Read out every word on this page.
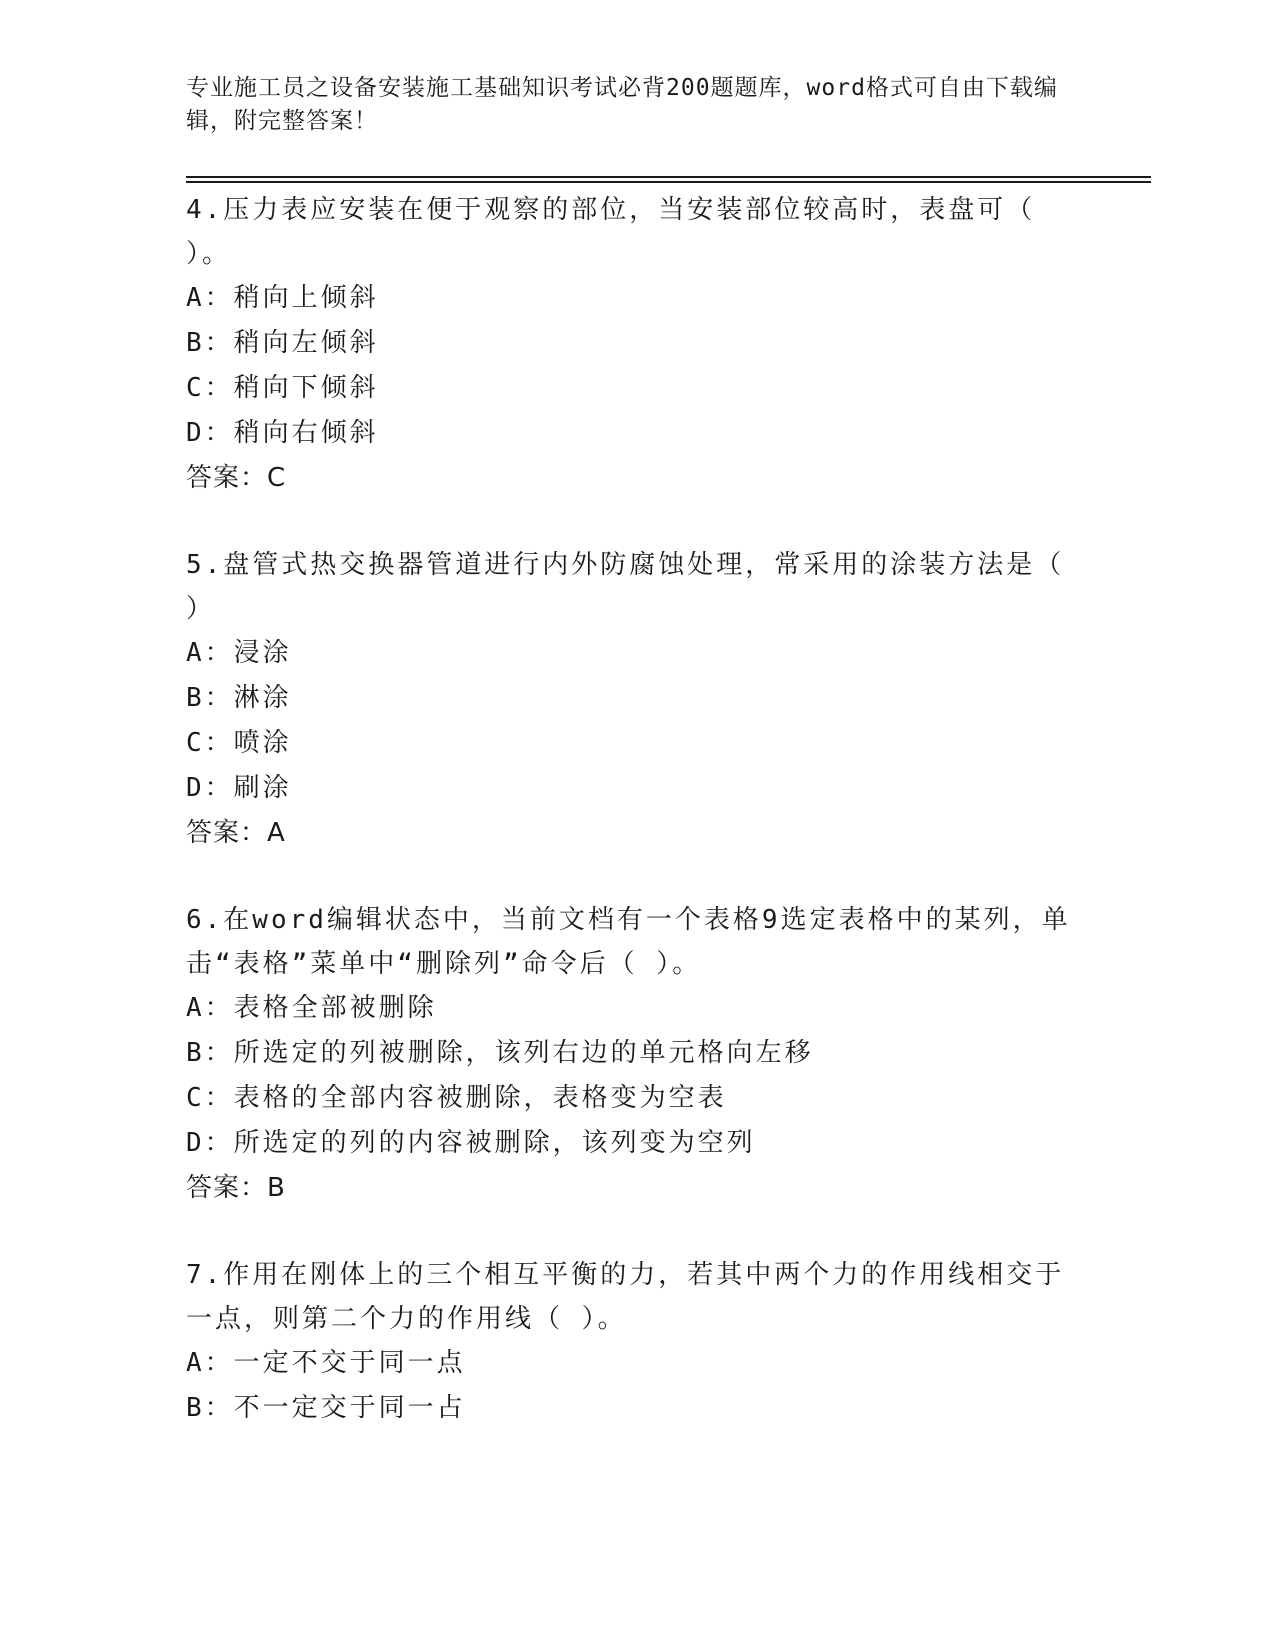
专业施工员之设备安装施工基础知识考试必背200题题库，word格式可自由下载编辑，附完整答案！

4.压力表应安装在便于观察的部位，当安装部位较高时，表盘可（ ）。

A：稍向上倾斜

B：稍向左倾斜

C：稍向下倾斜

D：稍向右倾斜

答案：C

5.盘管式热交换器管道进行内外防腐蚀处理，常采用的涂装方法是（ ）

A：浸涂

B：淋涂

C：喷涂

D：刷涂

答案：A

6.在word编辑状态中，当前文档有一个表格9选定表格中的某列，单击“表格”菜单中“删除列”命令后（ ）。

A：表格全部被删除

B：所选定的列被删除，该列右边的单元格向左移

C：表格的全部内容被删除，表格变为空表

D：所选定的列的内容被删除，该列变为空列

答案：B

7.作用在刚体上的三个相互平衡的力，若其中两个力的作用线相交于一点，则第二个力的作用线（ ）。

A：一定不交于同一点

B：不一定交于同一占
